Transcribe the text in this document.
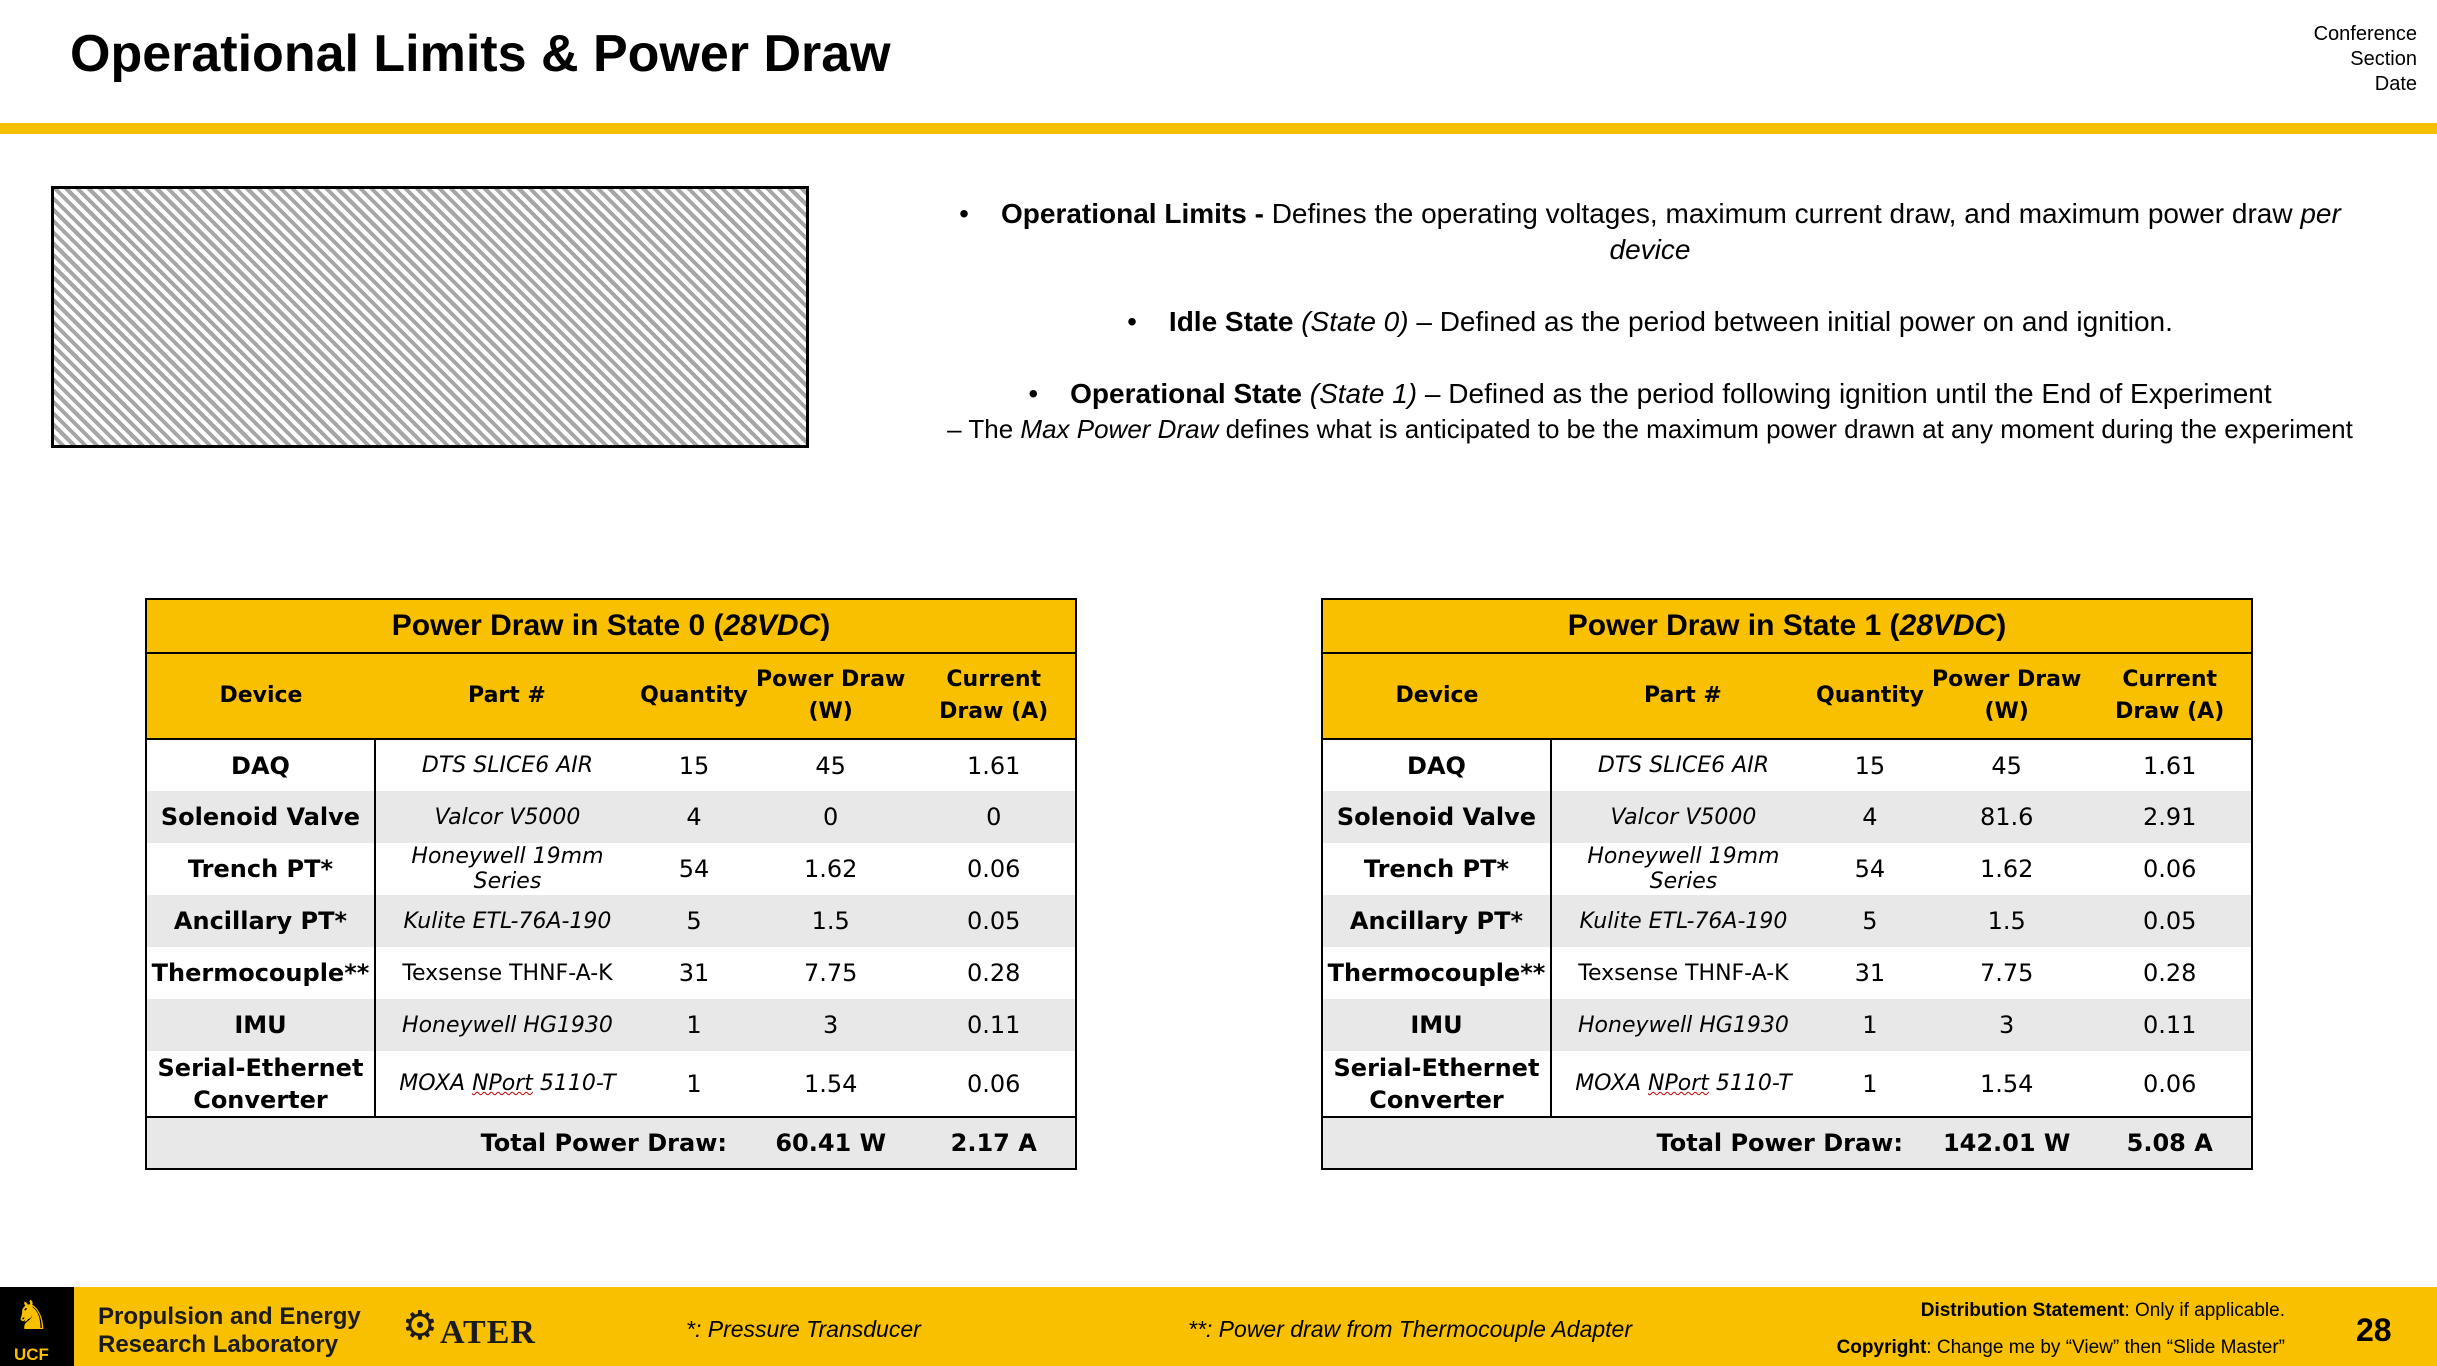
Operational Limits & Power Draw	Conference
Section
Date
• Operational Limits - Defines the operating voltages, maximum current draw, and maximum power draw per device
• Idle State (State 0) – Defined as the period between initial power on and ignition.
• Operational State (State 1) – Defined as the period following ignition until the End of Experiment
– The Max Power Draw defines what is anticipated to be the maximum power drawn at any moment during the experiment
Power Draw in State 0 (28VDC)				
Device	Part #	Quantity	Power Draw (W)	Current Draw (A)
DAQ	DTS SLICE6 AIR	15	45	1.61
Solenoid Valve	Valcor V5000	4	0	0
Trench PT*	Honeywell 19mm Series	54	1.62	0.06
Ancillary PT*	Kulite ETL-76A-190	5	1.5	0.05
Thermocouple**	Texsense THNF-A-K	31	7.75	0.28
IMU	Honeywell HG1930	1	3	0.11
Serial-Ethernet Converter	MOXA NPort 5110-T	1	1.54	0.06
Total Power Draw:			60.41 W	2.17 A
Power Draw in State 1 (28VDC)				
Device	Part #	Quantity	Power Draw (W)	Current Draw (A)
DAQ	DTS SLICE6 AIR	15	45	1.61
Solenoid Valve	Valcor V5000	4	81.6	2.91
Trench PT*	Honeywell 19mm Series	54	1.62	0.06
Ancillary PT*	Kulite ETL-76A-190	5	1.5	0.05
Thermocouple**	Texsense THNF-A-K	31	7.75	0.28
IMU	Honeywell HG1930	1	3	0.11
Serial-Ethernet Converter	MOXA NPort 5110-T	1	1.54	0.06
Total Power Draw:			142.01 W	5.08 A
♞
UCF
Propulsion and Energy
Research Laboratory	⚙ ATER	*: Pressure Transducer	**: Power draw from Thermocouple Adapter
Distribution Statement: Only if applicable.
Copyright: Change me by “View” then “Slide Master” 28
